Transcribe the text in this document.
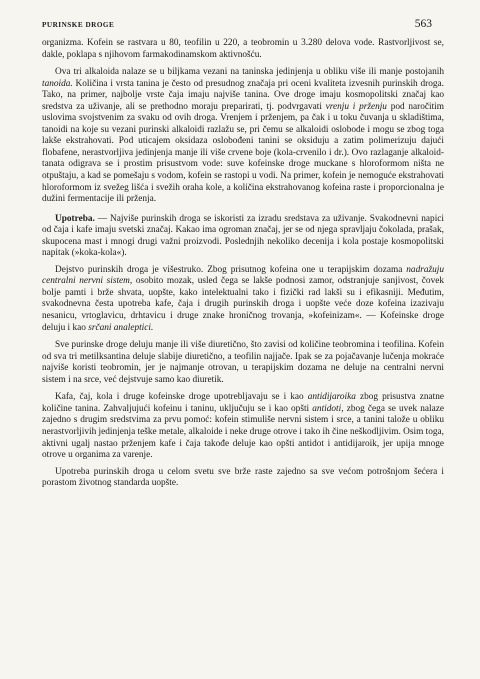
PURINSKE DROGE	563

organizma. Kofein se rastvara u 80, teofilin u 220, a teobromin u 3.280 delova vode. Rastvorljivost se, dakle, poklapa s njihovom farmakodinamskom aktivnošću.

Ova tri alkaloida nalaze se u biljkama vezani na taninska jedinjenja u obliku više ili manje postojanih tanoida. Količina i vrsta tanina je često od presudnog značaja pri oceni kvaliteta izvesnih purinskih droga. Tako, na primer, najbolje vrste čaja imaju najviše tanina. Ove droge imaju kosmopolitski značaj kao sredstva za uživanje, ali se prethodno moraju preparirati, tj. podvrgavati vrenju i prženju pod naročitim uslovima svojstvenim za svaku od ovih droga. Vrenjem i prženjem, pa čak i u toku čuvanja u skladištima, tanoidi na koje su vezani purinski alkaloidi razlažu se, pri čemu se alkaloidi oslobode i mogu se zbog toga lakše ekstrahovati. Pod uticajem oksidaza oslobođeni tanini se oksiduju a zatim polimerizuju dajući flobafene, nerastvorljiva jedinjenja manje ili više crvene boje (kola-crvenilo i dr.). Ovo razlaganje alkaloid-tanata odigrava se i prostim prisustvom vode: suve kofeinske droge muckane s hloroformom ništa ne otpuštaju, a kad se pomešaju s vodom, kofein se rastopi u vodi. Na primer, kofein je nemoguće ekstrahovati hloroformom iz svežeg lišća i svežih oraha kole, a količina ekstrahovanog kofeina raste i proporcionalna je dužini fermentacije ili prženja.

Upotreba. — Najviše purinskih droga se iskoristi za izradu sredstava za uživanje. Svakodnevni napici od čaja i kafe imaju svetski značaj. Kakao ima ogroman značaj, jer se od njega spravljaju čokolada, prašak, skupocena mast i mnogi drugi važni proizvodi. Poslednjih nekoliko decenija i kola postaje kosmopolitski napitak (»koka-kola«).

Dejstvo purinskih droga je višestruko. Zbog prisutnog kofeina one u terapijskim dozama nadražuju centralni nervni sistem, osobito mozak, usled čega se lakše podnosi zamor, odstranjuje sanjivost, čovek bolje pamti i brže shvata, uopšte, kako intelektualni tako i fizički rad lakši su i efikasniji. Međutim, svakodnevna česta upotreba kafe, čaja i drugih purinskih droga i uopšte veće doze kofeina izazivaju nesanicu, vrtoglavicu, drhtavicu i druge znake hroničnog trovanja, »kofeinizam«. — Kofeinske droge deluju i kao srčani analeptici.

Sve purinske droge deluju manje ili više diuretično, što zavisi od količine teobromina i teofilina. Kofein od sva tri metilksantina deluje slabije diuretično, a teofilin najjače. Ipak se za pojačavanje lučenja mokraće najviše koristi teobromin, jer je najmanje otrovan, u terapijskim dozama ne deluje na centralni nervni sistem i na srce, već dejstvuje samo kao diuretik.

Kafa, čaj, kola i druge kofeinske droge upotrebljavaju se i kao antidijaroika zbog prisustva znatne količine tanina. Zahvaljujući kofeinu i taninu, uključuju se i kao opšti antidoti, zbog čega se uvek nalaze zajedno s drugim sredstvima za prvu pomoć: kofein stimuliše nervni sistem i srce, a tanini talože u obliku nerastvorljivih jedinjenja teške metale, alkaloide i neke druge otrove i tako ih čine neškodljivim. Osim toga, aktivni ugalj nastao prženjem kafe i čaja takođe deluje kao opšti antidot i antidijaroik, jer upija mnoge otrove u organima za varenje.

Upotreba purinskih droga u celom svetu sve brže raste zajedno sa sve većom potrošnjom šećera i porastom životnog standarda uopšte.
